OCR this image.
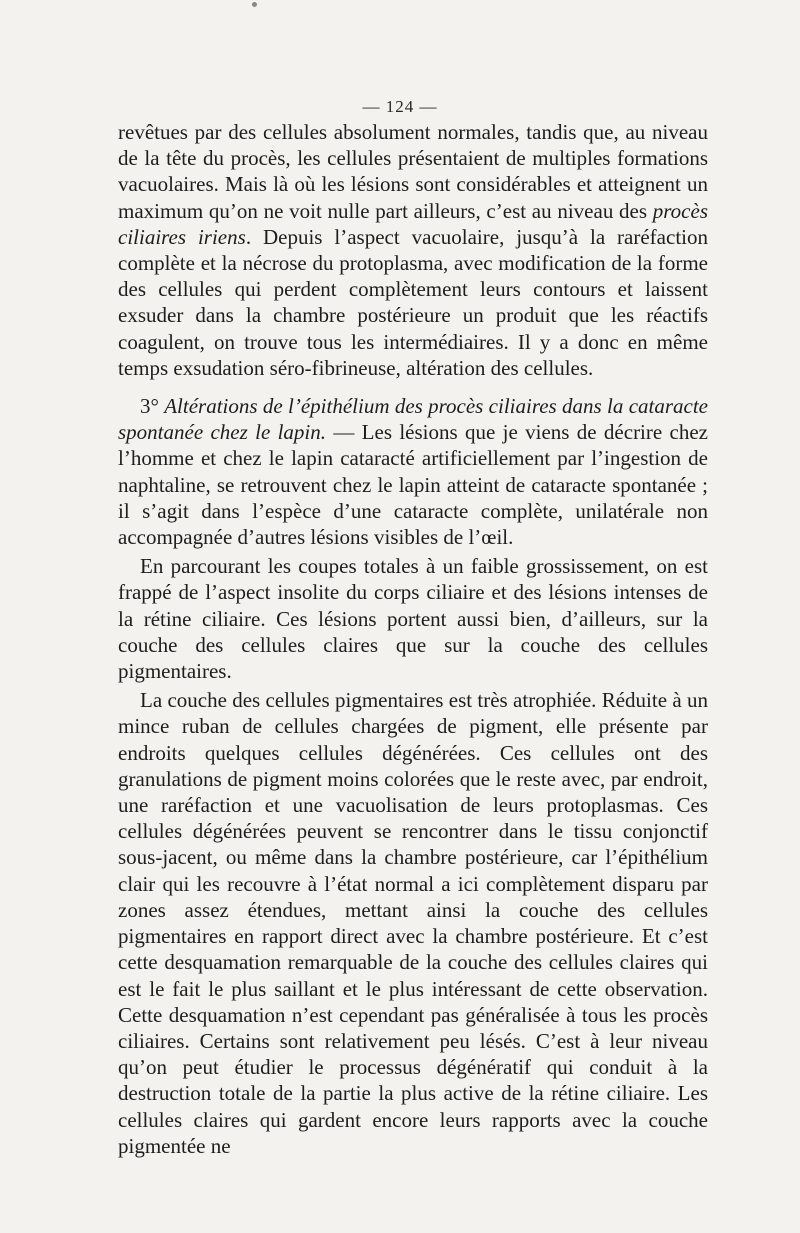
— 124 —

revêtues par des cellules absolument normales, tandis que, au niveau de la tête du procès, les cellules présentaient de multiples formations vacuolaires. Mais là où les lésions sont considérables et atteignent un maximum qu’on ne voit nulle part ailleurs, c’est au niveau des procès ciliaires iriens. Depuis l’aspect vacuolaire, jusqu’à la raréfaction complète et la nécrose du protoplasma, avec modification de la forme des cellules qui perdent complètement leurs contours et laissent exsuder dans la chambre postérieure un produit que les réactifs coagulent, on trouve tous les intermédiaires. Il y a donc en même temps exsudation séro-fibrineuse, altération des cellules.

3° Altérations de l’épithélium des procès ciliaires dans la cataracte spontanée chez le lapin. — Les lésions que je viens de décrire chez l’homme et chez le lapin cataracté artificiellement par l’ingestion de naphtaline, se retrouvent chez le lapin atteint de cataracte spontanée ; il s’agit dans l’espèce d’une cataracte complète, unilatérale non accompagnée d’autres lésions visibles de l’œil.

En parcourant les coupes totales à un faible grossissement, on est frappé de l’aspect insolite du corps ciliaire et des lésions intenses de la rétine ciliaire. Ces lésions portent aussi bien, d’ailleurs, sur la couche des cellules claires que sur la couche des cellules pigmentaires.

La couche des cellules pigmentaires est très atrophiée. Réduite à un mince ruban de cellules chargées de pigment, elle présente par endroits quelques cellules dégénérées. Ces cellules ont des granulations de pigment moins colorées que le reste avec, par endroit, une raréfaction et une vacuolisation de leurs protoplasmas. Ces cellules dégénérées peuvent se rencontrer dans le tissu conjonctif sous-jacent, ou même dans la chambre postérieure, car l’épithélium clair qui les recouvre à l’état normal a ici complètement disparu par zones assez étendues, mettant ainsi la couche des cellules pigmentaires en rapport direct avec la chambre postérieure. Et c’est cette desquamation remarquable de la couche des cellules claires qui est le fait le plus saillant et le plus intéressant de cette observation. Cette desquamation n’est cependant pas généralisée à tous les procès ciliaires. Certains sont relativement peu lésés. C’est à leur niveau qu’on peut étudier le processus dégénératif qui conduit à la destruction totale de la partie la plus active de la rétine ciliaire. Les cellules claires qui gardent encore leurs rapports avec la couche pigmentée ne
